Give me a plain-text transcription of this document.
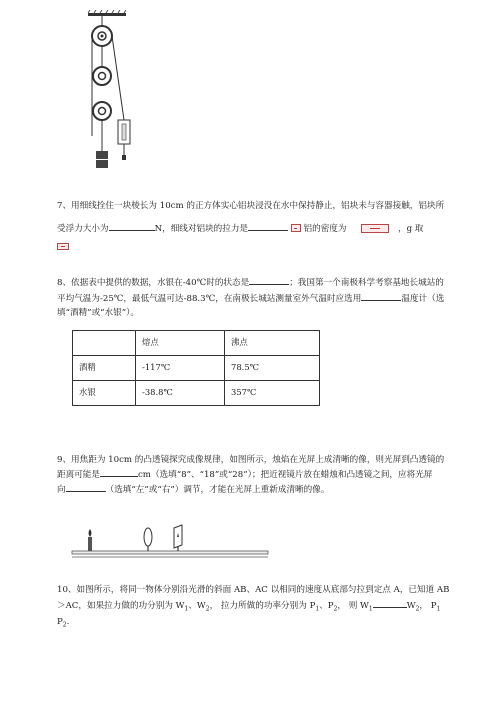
7、用细线拴住一块棱长为 10cm 的正方体实心铝块浸没在水中保持静止，铝块未与容器接触，铝块所
受浮力大小为	N，细线对铝块的拉力是	铝的密度为	，g 取
8、依据表中提供的数据，水银在-40℃时的状态是	；我国第一个南极科学考察基地长城站的
平均气温为-25℃，最低气温可达-88.3℃，在南极长城站测量室外气温时应选用	温度计（选
填“酒精”或“水银”）。
	熔点	沸点
酒精	-117℃	78.5℃
水银	-38.8℃	357℃
9、用焦距为 10cm 的凸透镜探究成像规律，如图所示，烛焰在光屏上成清晰的像，则光屏到凸透镜的
距离可能是	cm（选填“8”、“18”或“28”）；把近视镜片放在蜡烛和凸透镜之间，应将光屏
向	（选填“左”或“右”）调节，才能在光屏上重新成清晰的像。
10、如图所示，将同一物体分别沿光滑的斜面 AB、AC 以相同的速度从底部匀拉到定点 A，已知道 AB
＞AC，如果拉力做的功分别为 $W_1$、$W_2$， 拉力所做的功率分别为 $P_1$、$P_2$， 则 $W_1$	$W_2$， $P_1$
$P_2$.
